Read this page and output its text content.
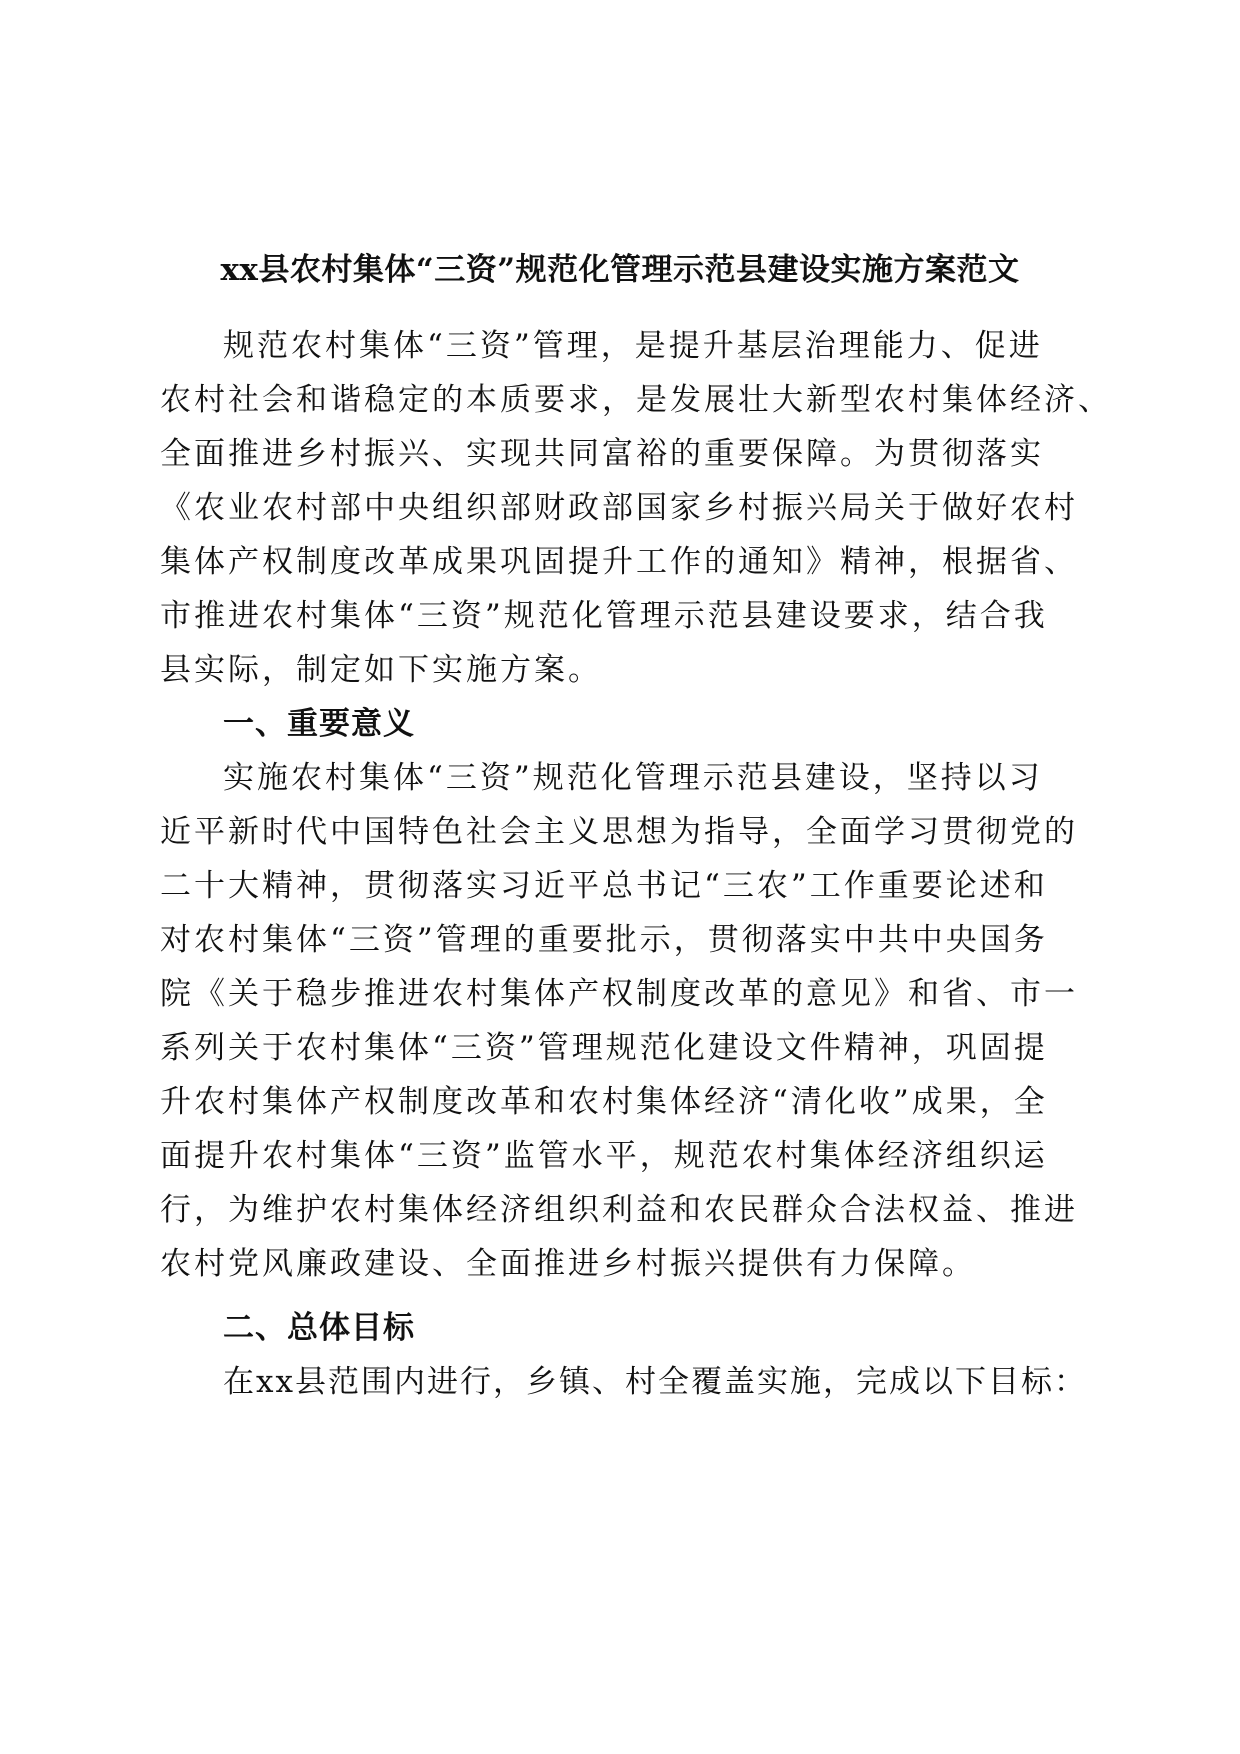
xx县农村集体“三资”规范化管理示范县建设实施方案范文
规范农村集体“三资”管理，是提升基层治理能力、促进
农村社会和谐稳定的本质要求，是发展壮大新型农村集体经济、
全面推进乡村振兴、实现共同富裕的重要保障。为贯彻落实
《农业农村部中央组织部财政部国家乡村振兴局关于做好农村
集体产权制度改革成果巩固提升工作的通知》精神，根据省、
市推进农村集体“三资”规范化管理示范县建设要求，结合我
县实际，制定如下实施方案。
一、重要意义
实施农村集体“三资”规范化管理示范县建设，坚持以习
近平新时代中国特色社会主义思想为指导，全面学习贯彻党的
二十大精神，贯彻落实习近平总书记“三农”工作重要论述和
对农村集体“三资”管理的重要批示，贯彻落实中共中央国务
院《关于稳步推进农村集体产权制度改革的意见》和省、市一
系列关于农村集体“三资”管理规范化建设文件精神，巩固提
升农村集体产权制度改革和农村集体经济“清化收”成果，全
面提升农村集体“三资”监管水平，规范农村集体经济组织运
行，为维护农村集体经济组织利益和农民群众合法权益、推进
农村党风廉政建设、全面推进乡村振兴提供有力保障。
二、总体目标
在xx县范围内进行，乡镇、村全覆盖实施，完成以下目标：
